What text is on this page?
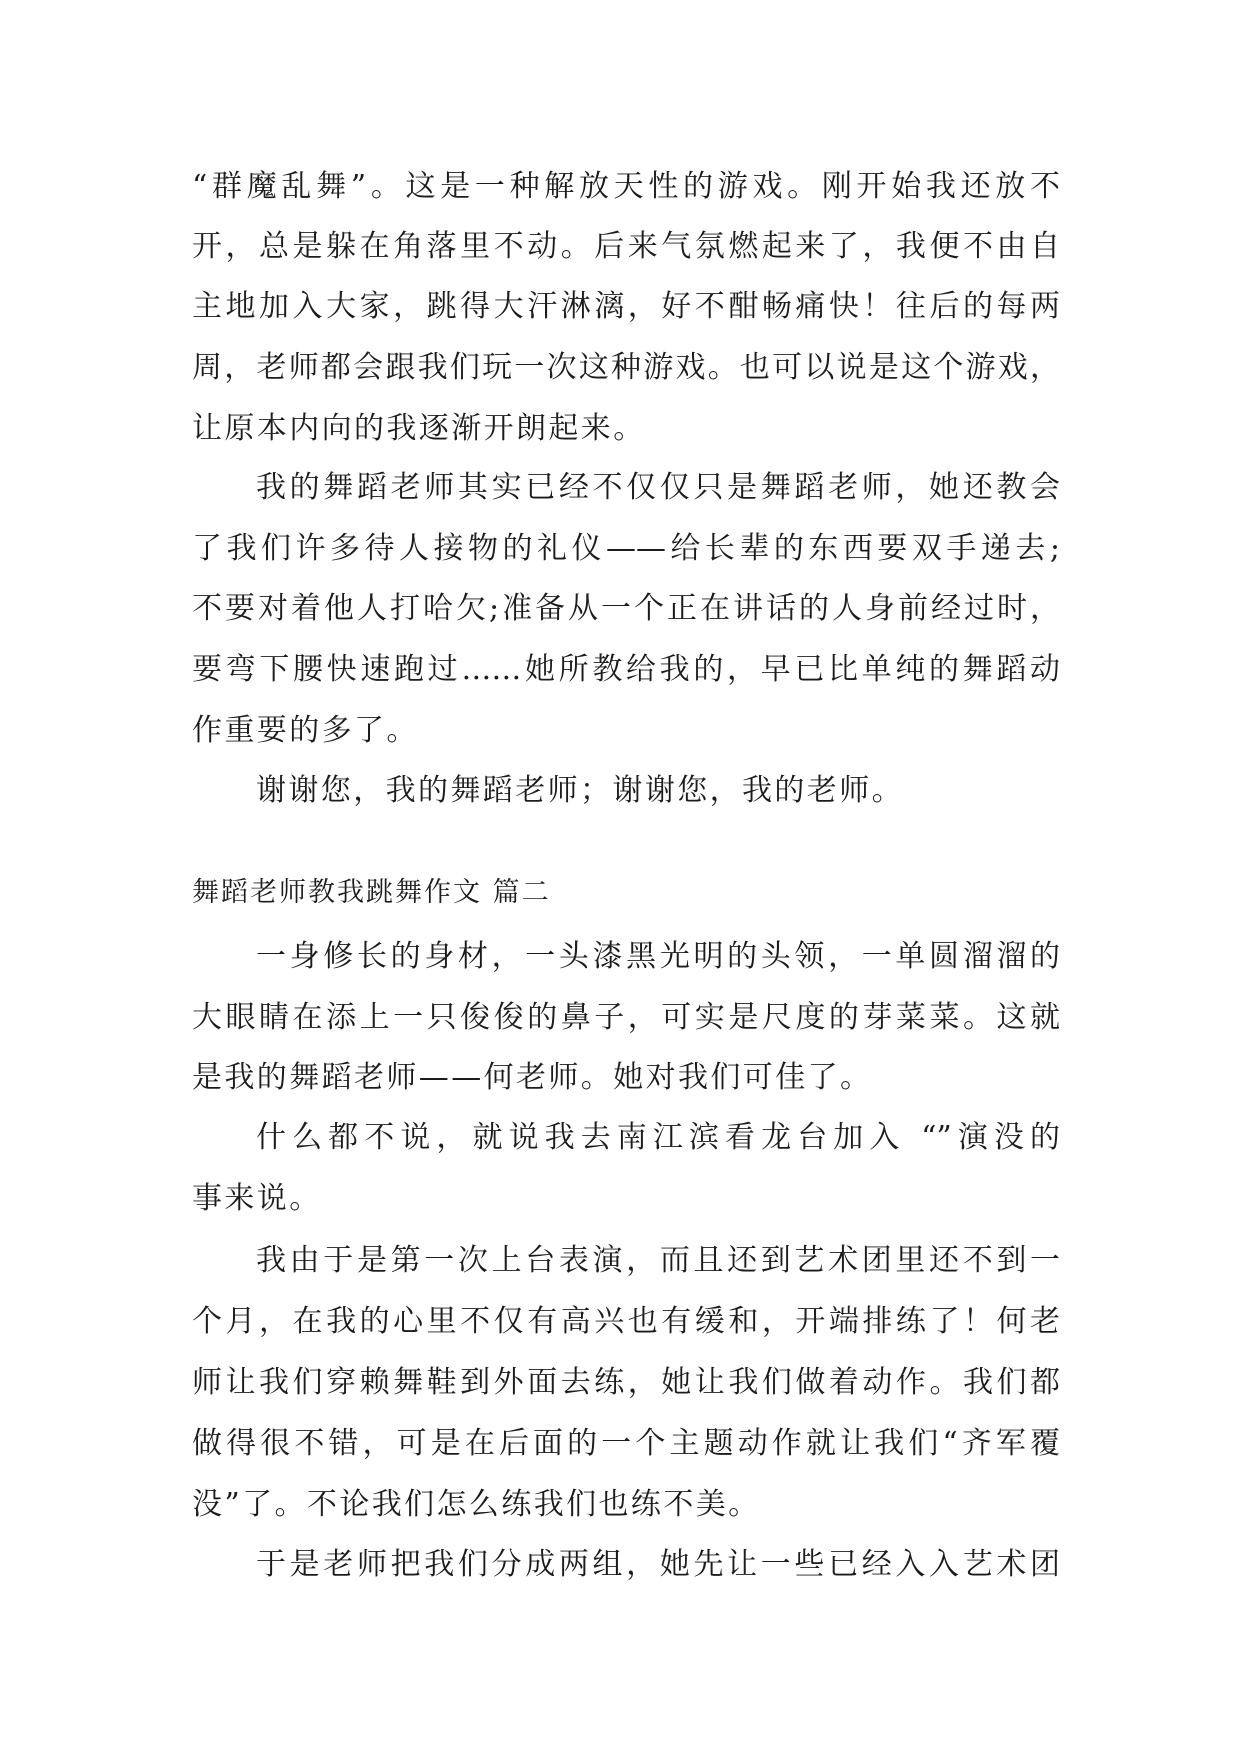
“群魔乱舞”。这是一种解放天性的游戏。刚开始我还放不
开，总是躲在角落里不动。后来气氛燃起来了，我便不由自
主地加入大家，跳得大汗淋漓，好不酣畅痛快！往后的每两
周，老师都会跟我们玩一次这种游戏。也可以说是这个游戏，
让原本内向的我逐渐开朗起来。
我的舞蹈老师其实已经不仅仅只是舞蹈老师，她还教会
了我们许多待人接物的礼仪——给长辈的东西要双手递去;
不要对着他人打哈欠;准备从一个正在讲话的人身前经过时，
要弯下腰快速跑过……她所教给我的，早已比单纯的舞蹈动
作重要的多了。
谢谢您，我的舞蹈老师；谢谢您，我的老师。
舞蹈老师教我跳舞作文 篇二
一身修长的身材，一头漆黑光明的头领，一单圆溜溜的
大眼睛在添上一只俊俊的鼻子，可实是尺度的芽菜菜。这就
是我的舞蹈老师——何老师。她对我们可佳了。
什么都不说，就说我去南江滨看龙台加入 “”演没的
事来说。
我由于是第一次上台表演，而且还到艺术团里还不到一
个月，在我的心里不仅有高兴也有缓和，开端排练了！何老
师让我们穿赖舞鞋到外面去练，她让我们做着动作。我们都
做得很不错，可是在后面的一个主题动作就让我们“齐军覆
没”了。不论我们怎么练我们也练不美。
于是老师把我们分成两组，她先让一些已经入入艺术团
